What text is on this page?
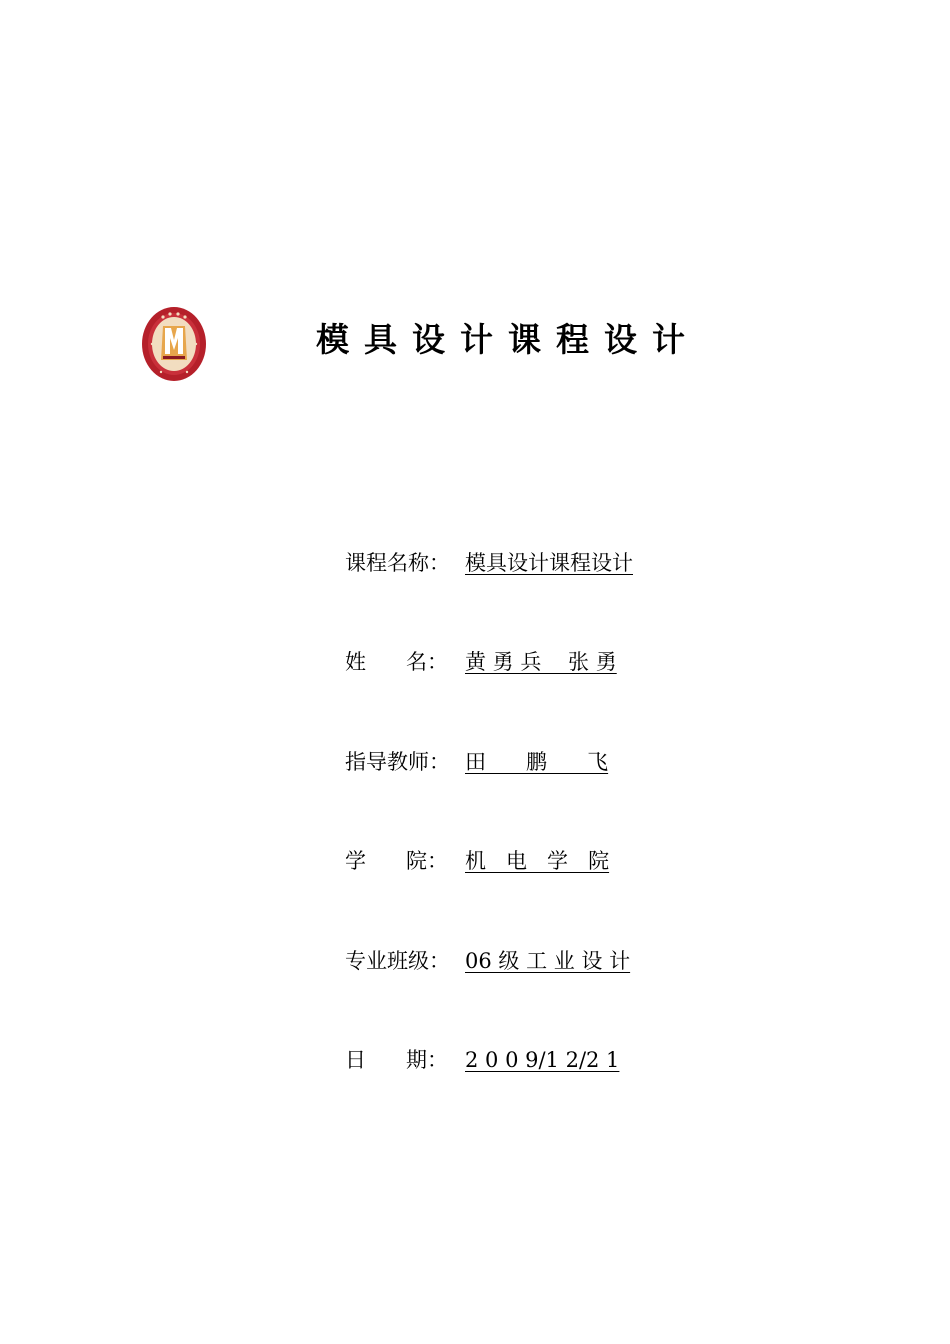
模具设计课程设计
课程名称： 模具设计课程设计
姓      名： 黄 勇 兵    张 勇
指导教师： 田      鹏      飞
学      院： 机   电   学   院
专业班级： 06 级 工 业 设 计
日      期： 2 0 0 9/1 2/2 1
